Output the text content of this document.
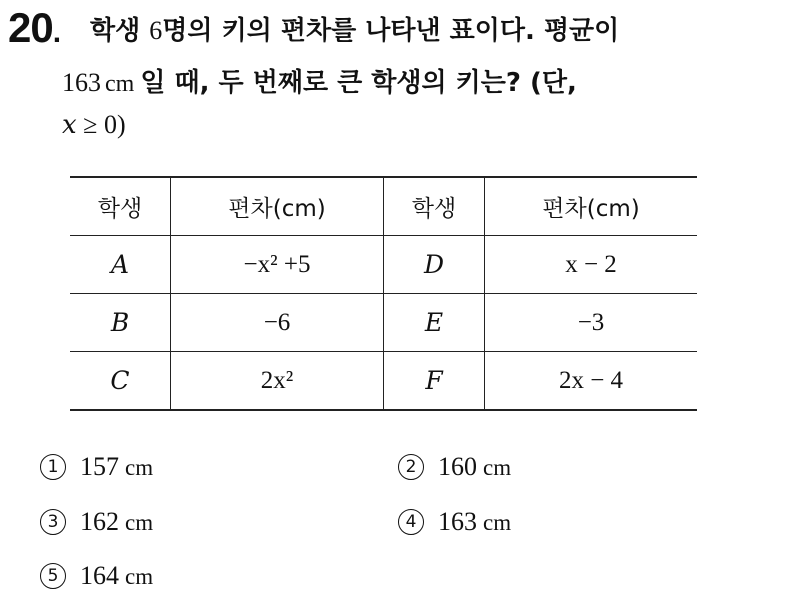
20. 학생 6명의 키의 편차를 나타낸 표이다. 평균이
163 cm 일 때, 두 번째로 큰 학생의 키는? (단,
x ≥ 0)
학생	편차(cm)	학생	편차(cm)
A	−x² +5	D	x − 2
B	−6	E	−3
C	2x²	F	2x − 4
1 157 cm	2 160 cm
3 162 cm	4 163 cm
5 164 cm
